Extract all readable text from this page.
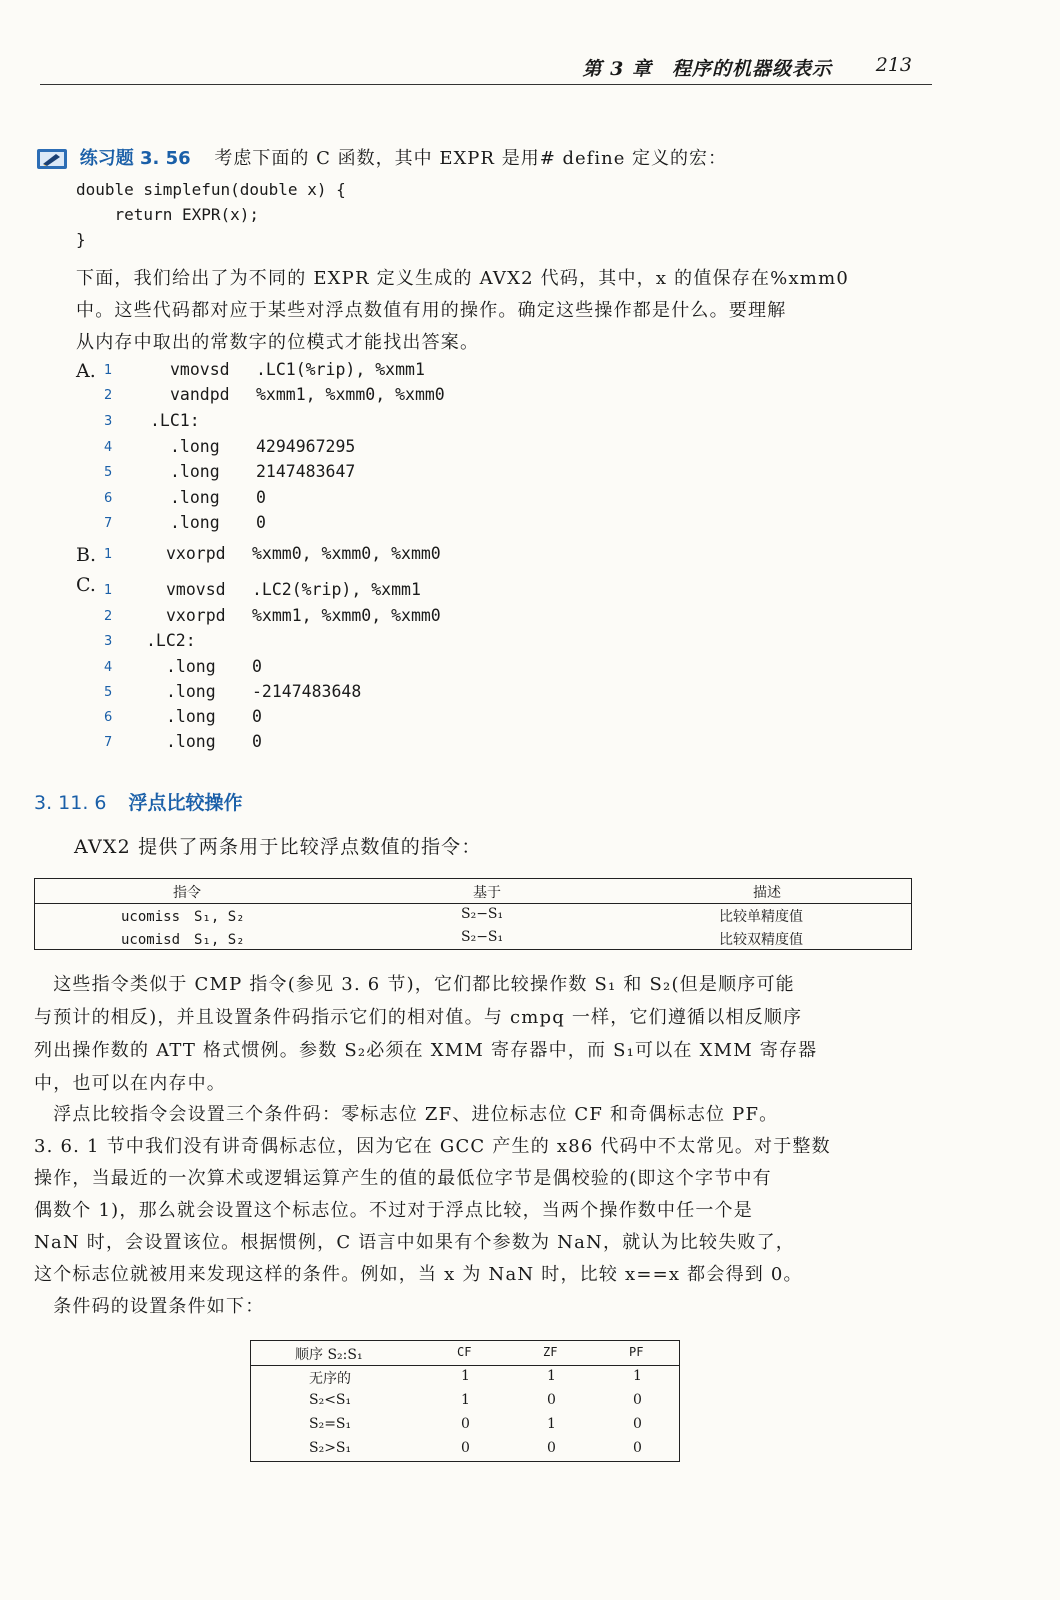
第 3 章　程序的机器级表示 213
练习题 3. 56 考虑下面的 C 函数，其中 EXPR 是用# define 定义的宏：
double simplefun(double x) {
return EXPR(x);
}
下面，我们给出了为不同的 EXPR 定义生成的 AVX2 代码，其中，x 的值保存在%xmm0
中。这些代码都对应于某些对浮点数值有用的操作。确定这些操作都是什么。要理解
从内存中取出的常数字的位模式才能找出答案。
A. 1	vmovsd .LC1(%rip), %xmm1
2	vandpd %xmm1, %xmm0, %xmm0
3 .LC1:
4	.long 4294967295
5	.long 2147483647
6	.long 0
7	.long 0
B. 1	vxorpd %xmm0, %xmm0, %xmm0
C. 1	vmovsd .LC2(%rip), %xmm1
2	vxorpd %xmm1, %xmm0, %xmm0
3 .LC2:
4	.long 0
5	.long -2147483648
6	.long 0
7	.long 0
3. 11. 6 浮点比较操作
AVX2 提供了两条用于比较浮点数值的指令：
指令	基于	描述
ucomiss　S₁, S₂	S₂−S₁	比较单精度值
ucomisd　S₁, S₂	S₂−S₁	比较双精度值
　这些指令类似于 CMP 指令(参见 3. 6 节)，它们都比较操作数 S₁ 和 S₂(但是顺序可能
与预计的相反)，并且设置条件码指示它们的相对值。与 cmpq 一样，它们遵循以相反顺序
列出操作数的 ATT 格式惯例。参数 S₂必须在 XMM 寄存器中，而 S₁可以在 XMM 寄存器
中，也可以在内存中。
　浮点比较指令会设置三个条件码：零标志位 ZF、进位标志位 CF 和奇偶标志位 PF。
3. 6. 1 节中我们没有讲奇偶标志位，因为它在 GCC 产生的 x86 代码中不太常见。对于整数
操作，当最近的一次算术或逻辑运算产生的值的最低位字节是偶校验的(即这个字节中有
偶数个 1)，那么就会设置这个标志位。不过对于浮点比较，当两个操作数中任一个是
NaN 时，会设置该位。根据惯例，C 语言中如果有个参数为 NaN，就认为比较失败了，
这个标志位就被用来发现这样的条件。例如，当 x 为 NaN 时，比较 x==x 都会得到 0。
　条件码的设置条件如下：
顺序 S₂:S₁	CF	ZF	PF
无序的	1	1	1
S₂<S₁	1	0	0
S₂=S₁	0	1	0
S₂>S₁	0	0	0
